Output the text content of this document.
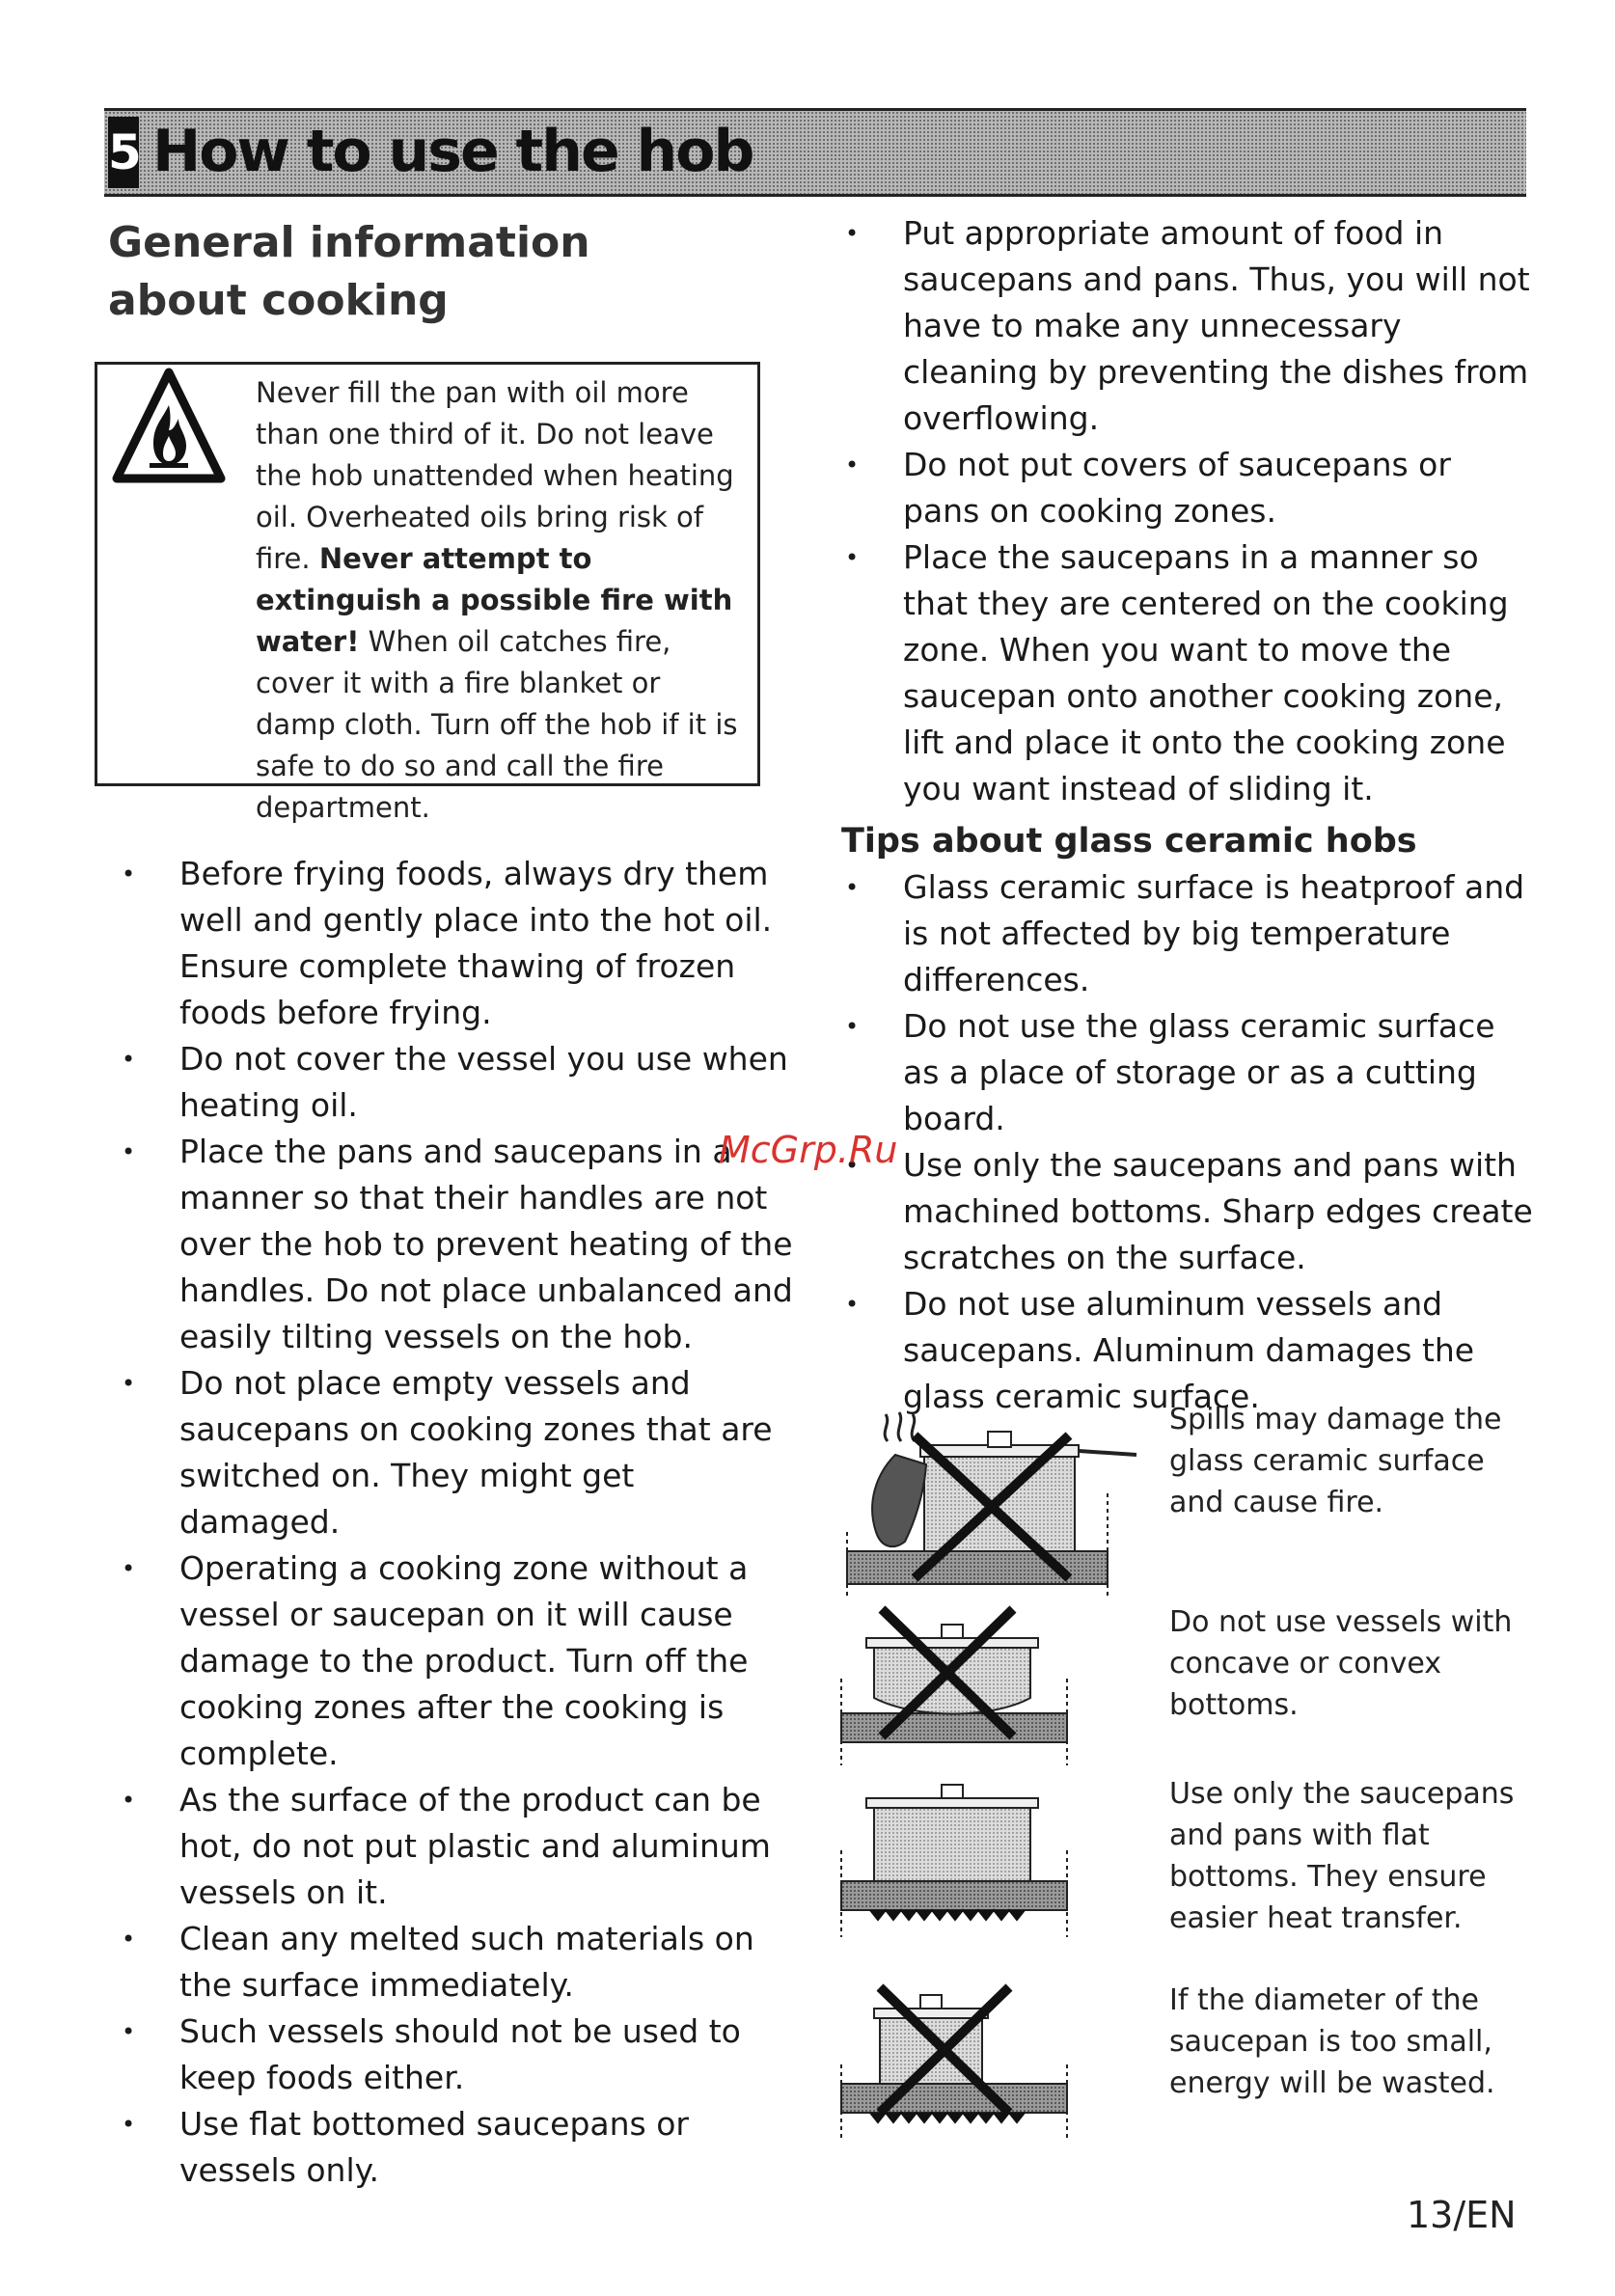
5 How to use the hob
General information about cooking
Never fill the pan with oil more than one third of it. Do not leave the hob unattended when heating oil. Overheated oils bring risk of fire. Never attempt to extinguish a possible fire with water! When oil catches fire, cover it with a fire blanket or damp cloth. Turn off the hob if it is safe to do so and call the fire department.
• Before frying foods, always dry them well and gently place into the hot oil. Ensure complete thawing of frozen foods before frying.
• Do not cover the vessel you use when heating oil.
• Place the pans and saucepans in a manner so that their handles are not over the hob to prevent heating of the handles. Do not place unbalanced and easily tilting vessels on the hob.
• Do not place empty vessels and saucepans on cooking zones that are switched on. They might get damaged.
• Operating a cooking zone without a vessel or saucepan on it will cause damage to the product. Turn off the cooking zones after the cooking is complete.
• As the surface of the product can be hot, do not put plastic and aluminum vessels on it.
• Clean any melted such materials on the surface immediately.
• Such vessels should not be used to keep foods either.
• Use flat bottomed saucepans or vessels only.
• Put appropriate amount of food in saucepans and pans. Thus, you will not have to make any unnecessary cleaning by preventing the dishes from overflowing.
• Do not put covers of saucepans or pans on cooking zones.
• Place the saucepans in a manner so that they are centered on the cooking zone. When you want to move the saucepan onto another cooking zone, lift and place it onto the cooking zone you want instead of sliding it.
Tips about glass ceramic hobs
• Glass ceramic surface is heatproof and is not affected by big temperature differences.
• Do not use the glass ceramic surface as a place of storage or as a cutting board.
• Use only the saucepans and pans with machined bottoms. Sharp edges create scratches on the surface.
• Do not use aluminum vessels and saucepans. Aluminum damages the glass ceramic surface.
McGrp.Ru
Spills may damage the glass ceramic surface and cause fire.
Do not use vessels with concave or convex bottoms.
Use only the saucepans and pans with flat bottoms. They ensure easier heat transfer.
If the diameter of the saucepan is too small, energy will be wasted.
13/EN
